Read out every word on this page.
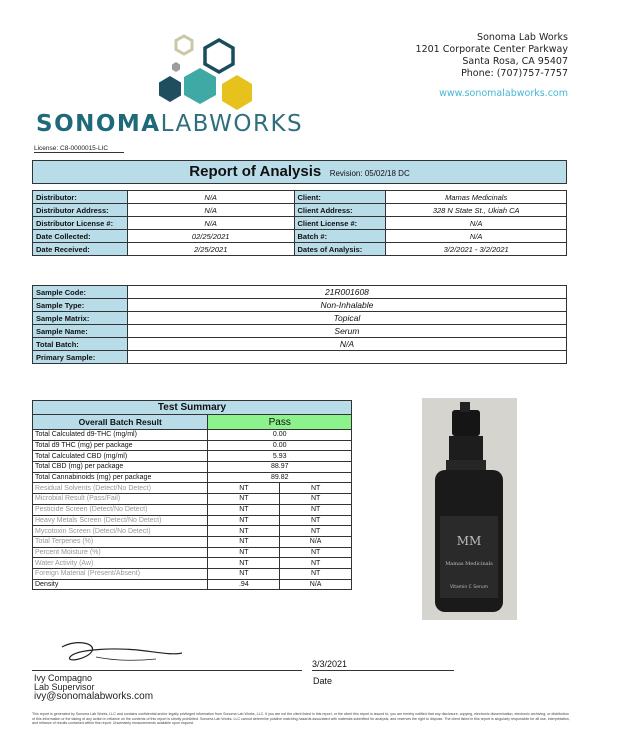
SONOMALABWORKS
Sonoma Lab Works
1201 Corporate Center Parkway
Santa Rosa, CA 95407
Phone: (707)757-7757
www.sonomalabworks.com
License: C8-0000015-LIC
Report of Analysis Revision: 05/02/18 DC
Distributor:	N/A	Client:	Mamas Medicinals
Distributor Address:	N/A	Client Address:	328 N State St., Ukiah CA
Distributor License #:	N/A	Client License #:	N/A
Date Collected:	02/25/2021	Batch #:	N/A
Date Received:	2/25/2021	Dates of Analysis:	3/2/2021 - 3/2/2021
Sample Code:	21R001608
Sample Type:	Non-Inhalable
Sample Matrix:	Topical
Sample Name:	Serum
Total Batch:	N/A
Primary Sample:	
Test Summary		
Overall Batch Result	Pass	
Total Calculated d9-THC (mg/ml)	0.00	
Total d9 THC (mg) per package	0.00	
Total Calculated CBD (mg/ml)	5.93	
Total CBD (mg) per package	88.97	
Total Cannabinoids (mg) per package	89.82	
Residual Solvents (Detect/No Detect)	NT	NT
Microbial Result (Pass/Fail)	NT	NT
Pesticide Screen (Detect/No Detect)	NT	NT
Heavy Metals Screen (Detect/No Detect)	NT	NT
Mycotoxin Screen (Detect/No Detect)	NT	NT
Total Terpenes (%)	NT	N/A
Percent Moisture (%)	NT	NT
Water Activity (Aw)	NT	NT
Foreign Material (Present/Absent)	NT	NT
Density	.94	N/A
MM
Mamas Medicinals
Vitamin C Serum
Ivy Compagno
Lab Supervisor
ivy@sonomalabworks.com
3/3/2021
Date
This report is generated by Sonoma Lab Works, LLC and contains confidential and/or legally privileged information from Sonoma Lab Works, LLC. If you are not the client listed in this report, or the client this report is issued to, you are hereby notified that any disclosure, copying, electronic dissemination, electronic archiving, or distribution of this information or the taking of any action in reliance on the contents of this report is strictly prohibited. Sonoma Lab Works, LLC cannot determine positive matching hazards associated with materials submitted for analysis, and reserves the right to dispose. The client listed in this report is singularly responsible for all use, interpretation, and reliance of results contained within this report. Uncertainty measurements available upon request.
